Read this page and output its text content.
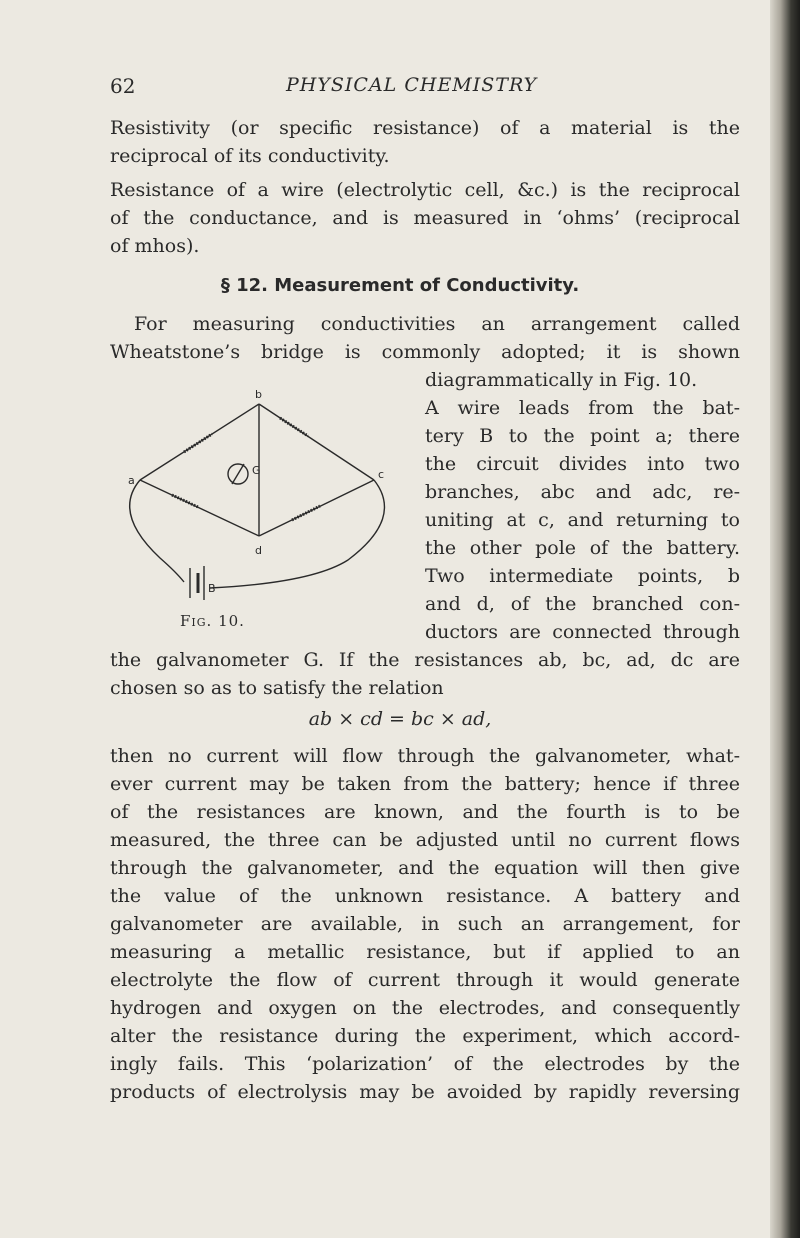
62	PHYSICAL CHEMISTRY
Resistivity (or specific resistance) of a material is the
reciprocal of its conductivity.
Resistance of a wire (electrolytic cell, &c.) is the reciprocal
of the conductance, and is measured in ‘ohms’ (reciprocal
of mhos).
§ 12. Measurement of Conductivity.
For measuring conductivities an arrangement called
Wheatstone’s bridge is commonly adopted; it is shown
diagrammatically in Fig. 10.
A wire leads from the bat-
tery B to the point a; there
the circuit divides into two
branches, abc and adc, re-
uniting at c, and returning to
the other pole of the battery.
Two intermediate points, b
and d, of the branched con-
ductors are connected through
the galvanometer G. If the resistances ab, bc, ad, dc are
chosen so as to satisfy the relation
ab × cd = bc × ad,
then no current will flow through the galvanometer, what-
ever current may be taken from the battery; hence if three
of the resistances are known, and the fourth is to be
measured, the three can be adjusted until no current flows
through the galvanometer, and the equation will then give
the value of the unknown resistance. A battery and
galvanometer are available, in such an arrangement, for
measuring a metallic resistance, but if applied to an
electrolyte the flow of current through it would generate
hydrogen and oxygen on the electrodes, and consequently
alter the resistance during the experiment, which accord-
ingly fails. This ‘polarization’ of the electrodes by the
products of electrolysis may be avoided by rapidly reversing
b
a	c
d
G
B
Fig. 10.
